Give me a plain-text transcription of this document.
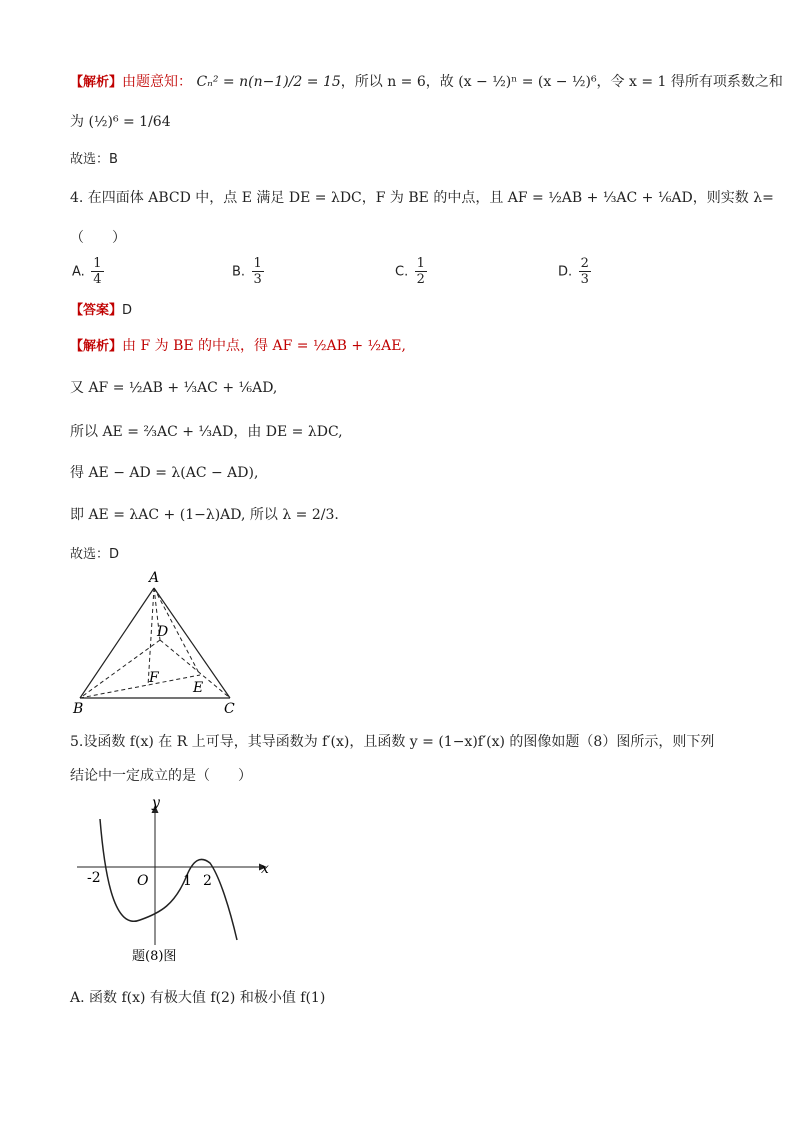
【解析】由题意知： Cₙ² = n(n−1)/2 = 15，所以 n = 6，故 (x − ½)ⁿ = (x − ½)⁶，令 x = 1 得所有项系数之和
为 (½)⁶ = 1/64
故选：B
4. 在四面体 ABCD 中，点 E 满足 DE = λDC，F 为 BE 的中点，且 AF = ½AB + ⅓AC + ⅙AD，则实数 λ=
（　　）
A. $\frac{1}{4}$	B. $\frac{1}{3}$	C. $\frac{1}{2}$	D. $\frac{2}{3}$
【答案】D
【解析】由 F 为 BE 的中点，得 AF = ½AB + ½AE,
又 AF = ½AB + ⅓AC + ⅙AD,
所以 AE = ⅔AC + ⅓AD，由 DE = λDC,
得 AE − AD = λ(AC − AD),
即 AE = λAC + (1−λ)AD, 所以 λ = 2/3.
故选：D
A
B	C
D
E
F
5.设函数 f(x) 在 R 上可导，其导函数为 f′(x)，且函数 y = (1−x)f′(x) 的图像如题（8）图所示，则下列
结论中一定成立的是（　　）
y
x
O
-2	1 2
题(8)图
A. 函数 f(x) 有极大值 f(2) 和极小值 f(1)
